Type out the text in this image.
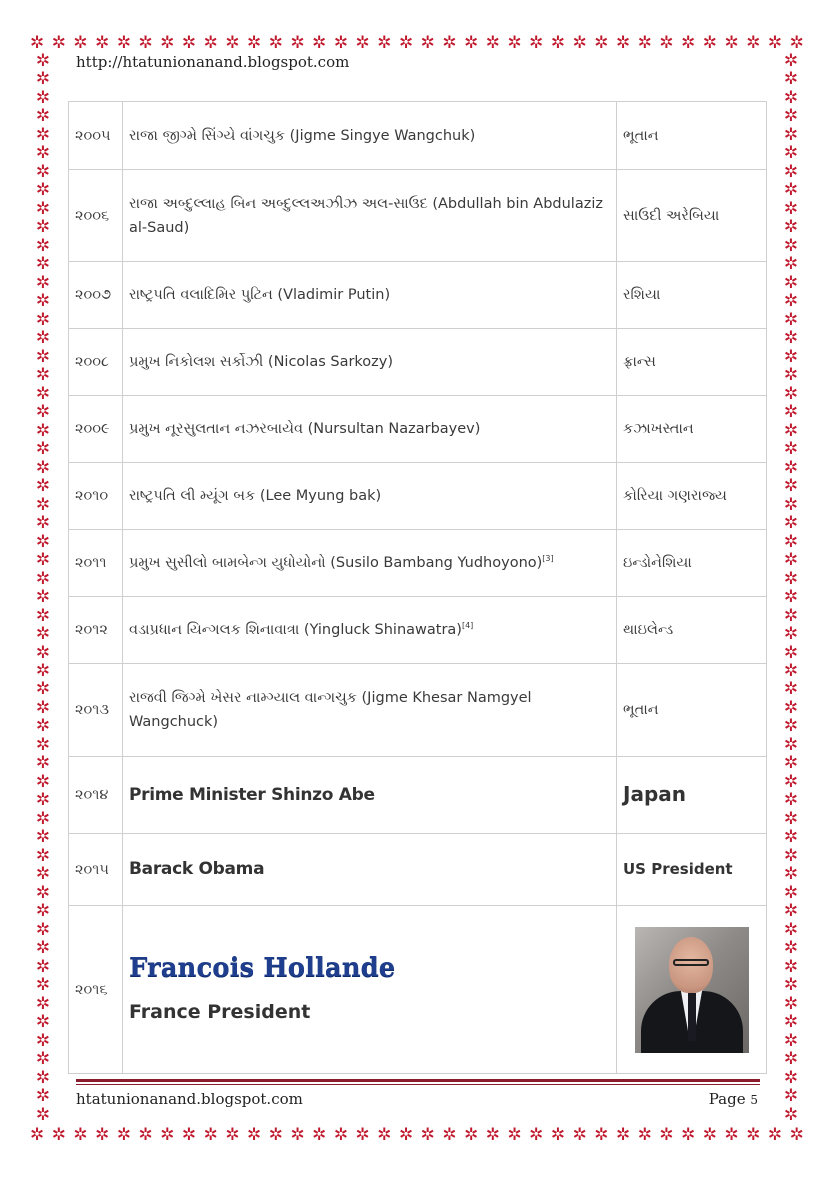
✲ ✲ ✲ ✲ ✲ ✲ ✲ ✲ ✲ ✲ ✲ ✲ ✲ ✲ ✲ ✲ ✲ ✲ ✲ ✲ ✲ ✲ ✲ ✲ ✲ ✲ ✲ ✲ ✲ ✲ ✲ ✲ ✲ ✲ ✲ ✲
✲ ✲ ✲ ✲ ✲ ✲ ✲ ✲ ✲ ✲ ✲ ✲ ✲ ✲ ✲ ✲ ✲ ✲ ✲ ✲ ✲ ✲ ✲ ✲ ✲ ✲ ✲ ✲ ✲ ✲ ✲ ✲ ✲ ✲ ✲ ✲
✲
✲
✲
✲
✲
✲
✲
✲
✲
✲
✲
✲
✲
✲
✲
✲
✲
✲
✲
✲
✲
✲
✲
✲
✲
✲
✲
✲
✲
✲
✲
✲
✲
✲
✲
✲
✲
✲
✲
✲
✲
✲
✲
✲
✲
✲
✲
✲
✲
✲
✲
✲
✲
✲
✲
✲
✲
✲
✲
✲
✲
✲
✲
✲
✲
✲
✲
✲
✲
✲
✲
✲
✲
✲
✲
✲
✲
✲
✲
✲
✲
✲
✲
✲
✲
✲
✲
✲
✲
✲
✲
✲
✲
✲
✲
✲
✲
✲
✲
✲
✲
✲
✲
✲
✲
✲
✲
✲
✲
✲
✲
✲
✲
✲
✲
✲
http://htatunionanand.blogspot.com
૨૦૦૫	રાજા જીગ્મે સિંગ્યે વાંગચુક (Jigme Singye Wangchuk)	ભૂતાન
૨૦૦૬	રાજા અબ્દુલ્લાહ બિન અબ્દુલ્લઅઝીઝ અલ-સાઉદ (Abdullah bin Abdulaziz al-Saud)	સાઉદી અરેબિયા
૨૦૦૭	રાષ્ટ્રપતિ વલાદિમિર પુટિન (Vladimir Putin)	રશિયા
૨૦૦૮	પ્રમુખ નિકોલશ સર્કોઝી (Nicolas Sarkozy)	ફ્રાન્સ
૨૦૦૯	પ્રમુખ નૂરસુલતાન નઝરબાયેવ (Nursultan Nazarbayev)	કઝાખસ્તાન
૨૦૧૦	રાષ્ટ્રપતિ લી મ્યૂંગ બક (Lee Myung bak)	કોરિયા ગણરાજ્ય
૨૦૧૧	પ્રમુખ સુસીલો બામબેન્ગ યુધોયોનો (Susilo Bambang Yudhoyono)[3]	ઇન્ડોનેશિયા
૨૦૧૨	વડાપ્રધાન યિન્ગલક શિનાવાત્રા (Yingluck Shinawatra)[4]	થાઇલેન્ડ
૨૦૧૩	રાજવી જિગ્મે ખેસર નામ્ગ્યાલ વાન્ગચુક (Jigme Khesar Namgyel Wangchuck)	ભૂતાન
૨૦૧૪	Prime Minister Shinzo Abe	Japan
૨૦૧૫	Barack Obama	US President
૨૦૧૬	Francois Hollande
France President	

htatunionanand.blogspot.com	Page 5
